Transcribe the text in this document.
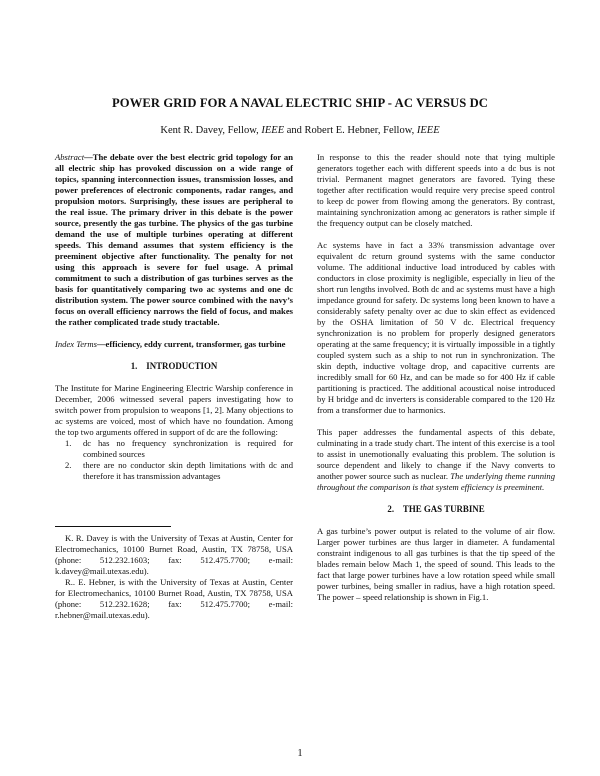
POWER GRID FOR A NAVAL ELECTRIC SHIP - AC VERSUS DC

Kent R. Davey, Fellow, IEEE and Robert E. Hebner, Fellow, IEEE

Abstract—The debate over the best electric grid topology for an all electric ship has provoked discussion on a wide range of topics, spanning interconnection issues, transmission losses, and power preferences of electronic components, radar ranges, and propulsion motors. Surprisingly, these issues are peripheral to the real issue. The primary driver in this debate is the power source, presently the gas turbine. The physics of the gas turbine demand the use of multiple turbines operating at different speeds. This demand assumes that system efficiency is the preeminent objective after functionality. The penalty for not using this approach is severe for fuel usage. A primal commitment to such a distribution of gas turbines serves as the basis for quantitatively comparing two ac systems and one dc distribution system. The power source combined with the navy’s focus on overall efficiency narrows the field of focus, and makes the rather complicated trade study tractable.

Index Terms—efficiency, eddy current, transformer, gas turbine

1. INTRODUCTION

The Institute for Marine Engineering Electric Warship conference in December, 2006 witnessed several papers investigating how to switch power from propulsion to weapons [1, 2]. Many objections to ac systems are voiced, most of which have no foundation. Among the top two arguments offered in support of dc are the following:

1. dc has no frequency synchronization is required for combined sources
2. there are no conductor skin depth limitations with dc and therefore it has transmission advantages

K. R. Davey is with the University of Texas at Austin, Center for Electromechanics, 10100 Burnet Road, Austin, TX 78758, USA (phone: 512.232.1603; fax: 512.475.7700; e-mail: k.davey@mail.utexas.edu).

R.. E. Hebner, is with the University of Texas at Austin, Center for Electromechanics, 10100 Burnet Road, Austin, TX 78758, USA (phone: 512.232.1628; fax: 512.475.7700; e-mail: r.hebner@mail.utexas.edu).

In response to this the reader should note that tying multiple generators together each with different speeds into a dc bus is not trivial. Permanent magnet generators are favored. Tying these together after rectification would require very precise speed control to keep dc power from flowing among the generators. By contrast, maintaining synchronization among ac generators is rather simple if the frequency output can be closely matched.

Ac systems have in fact a 33% transmission advantage over equivalent dc return ground systems with the same conductor volume. The additional inductive load introduced by cables with conductors in close proximity is negligible, especially in lieu of the short run lengths involved. Both dc and ac systems must have a high impedance ground for safety. Dc systems long been known to have a considerably safety penalty over ac due to skin effect as evidenced by the OSHA limitation of 50 V dc. Electrical frequency synchronization is no problem for properly designed generators operating at the same frequency; it is virtually impossible in a tightly coupled system such as a ship to not run in synchronization. The skin depth, inductive voltage drop, and capacitive currents are incredibly small for 60 Hz, and can be made so for 400 Hz if cable partitioning is practiced. The additional acoustical noise introduced by H bridge and dc inverters is considerable compared to the 120 Hz from a transformer due to harmonics.

This paper addresses the fundamental aspects of this debate, culminating in a trade study chart. The intent of this exercise is a tool to assist in unemotionally evaluating this problem. The solution is source dependent and likely to change if the Navy converts to another power source such as nuclear. The underlying theme running throughout the comparison is that system efficiency is preeminent.

2. THE GAS TURBINE

A gas turbine’s power output is related to the volume of air flow. Larger power turbines are thus larger in diameter. A fundamental constraint indigenous to all gas turbines is that the tip speed of the blades remain below Mach 1, the speed of sound. This leads to the fact that large power turbines have a low rotation speed while small power turbines, being smaller in radius, have a high rotation speed. The power – speed relationship is shown in Fig.1.

1
